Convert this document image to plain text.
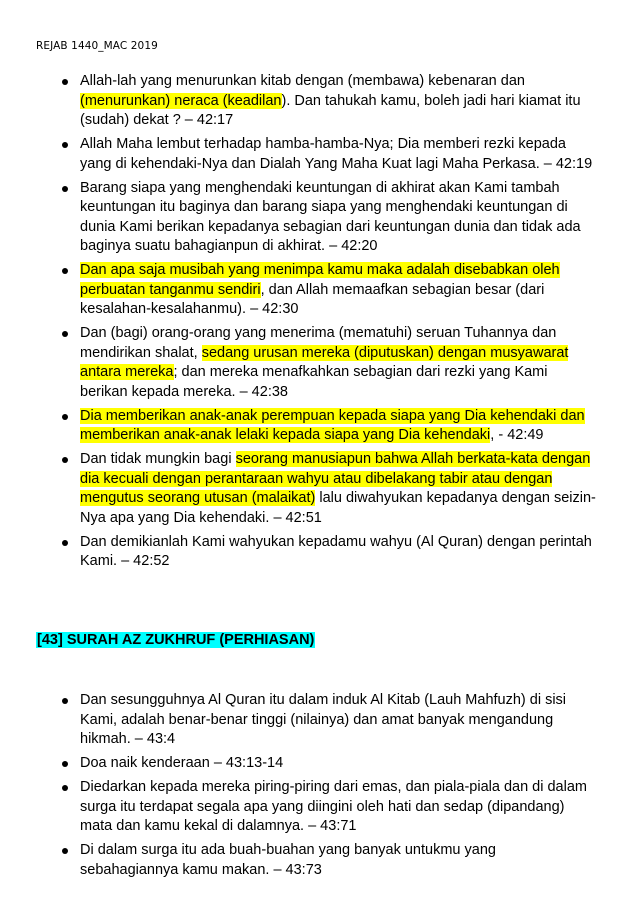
REJAB 1440_MAC 2019
Allah-lah yang menurunkan kitab dengan (membawa) kebenaran dan (menurunkan) neraca (keadilan). Dan tahukah kamu, boleh jadi hari kiamat itu (sudah) dekat ? – 42:17
Allah Maha lembut terhadap hamba-hamba-Nya; Dia memberi rezki kepada yang di kehendaki-Nya dan Dialah Yang Maha Kuat lagi Maha Perkasa. – 42:19
Barang siapa yang menghendaki keuntungan di akhirat akan Kami tambah keuntungan itu baginya dan barang siapa yang menghendaki keuntungan di dunia Kami berikan kepadanya sebagian dari keuntungan dunia dan tidak ada baginya suatu bahagianpun di akhirat. – 42:20
Dan apa saja musibah yang menimpa kamu maka adalah disebabkan oleh perbuatan tanganmu sendiri, dan Allah memaafkan sebagian besar (dari kesalahan-kesalahanmu). – 42:30
Dan (bagi) orang-orang yang menerima (mematuhi) seruan Tuhannya dan mendirikan shalat, sedang urusan mereka (diputuskan) dengan musyawarat antara mereka; dan mereka menafkahkan sebagian dari rezki yang Kami berikan kepada mereka. – 42:38
Dia memberikan anak-anak perempuan kepada siapa yang Dia kehendaki dan memberikan anak-anak lelaki kepada siapa yang Dia kehendaki, - 42:49
Dan tidak mungkin bagi seorang manusiapun bahwa Allah berkata-kata dengan dia kecuali dengan perantaraan wahyu atau dibelakang tabir atau dengan mengutus seorang utusan (malaikat) lalu diwahyukan kepadanya dengan seizin-Nya apa yang Dia kehendaki. – 42:51
Dan demikianlah Kami wahyukan kepadamu wahyu (Al Quran) dengan perintah Kami. – 42:52
[43] SURAH AZ ZUKHRUF (PERHIASAN)
Dan sesungguhnya Al Quran itu dalam induk Al Kitab (Lauh Mahfuzh) di sisi Kami, adalah benar-benar tinggi (nilainya) dan amat banyak mengandung hikmah. – 43:4
Doa naik kenderaan – 43:13-14
Diedarkan kepada mereka piring-piring dari emas, dan piala-piala dan di dalam surga itu terdapat segala apa yang diingini oleh hati dan sedap (dipandang) mata dan kamu kekal di dalamnya. – 43:71
Di dalam surga itu ada buah-buahan yang banyak untukmu yang sebahagiannya kamu makan. – 43:73
